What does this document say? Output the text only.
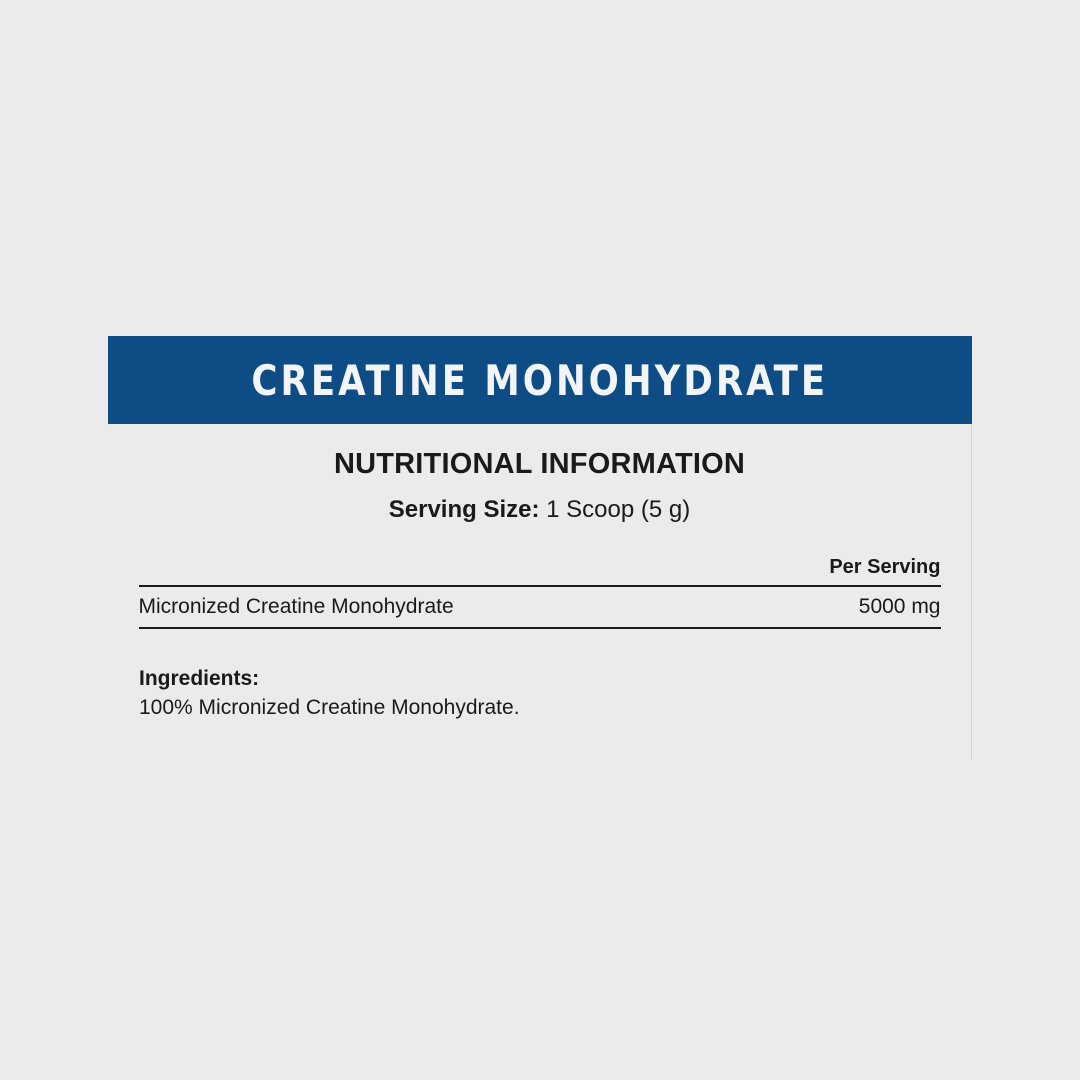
CREATINE MONOHYDRATE
NUTRITIONAL INFORMATION
Serving Size: 1 Scoop (5 g)
	Per Serving
Micronized Creatine Monohydrate	5000 mg
Ingredients:
100% Micronized Creatine Monohydrate.
